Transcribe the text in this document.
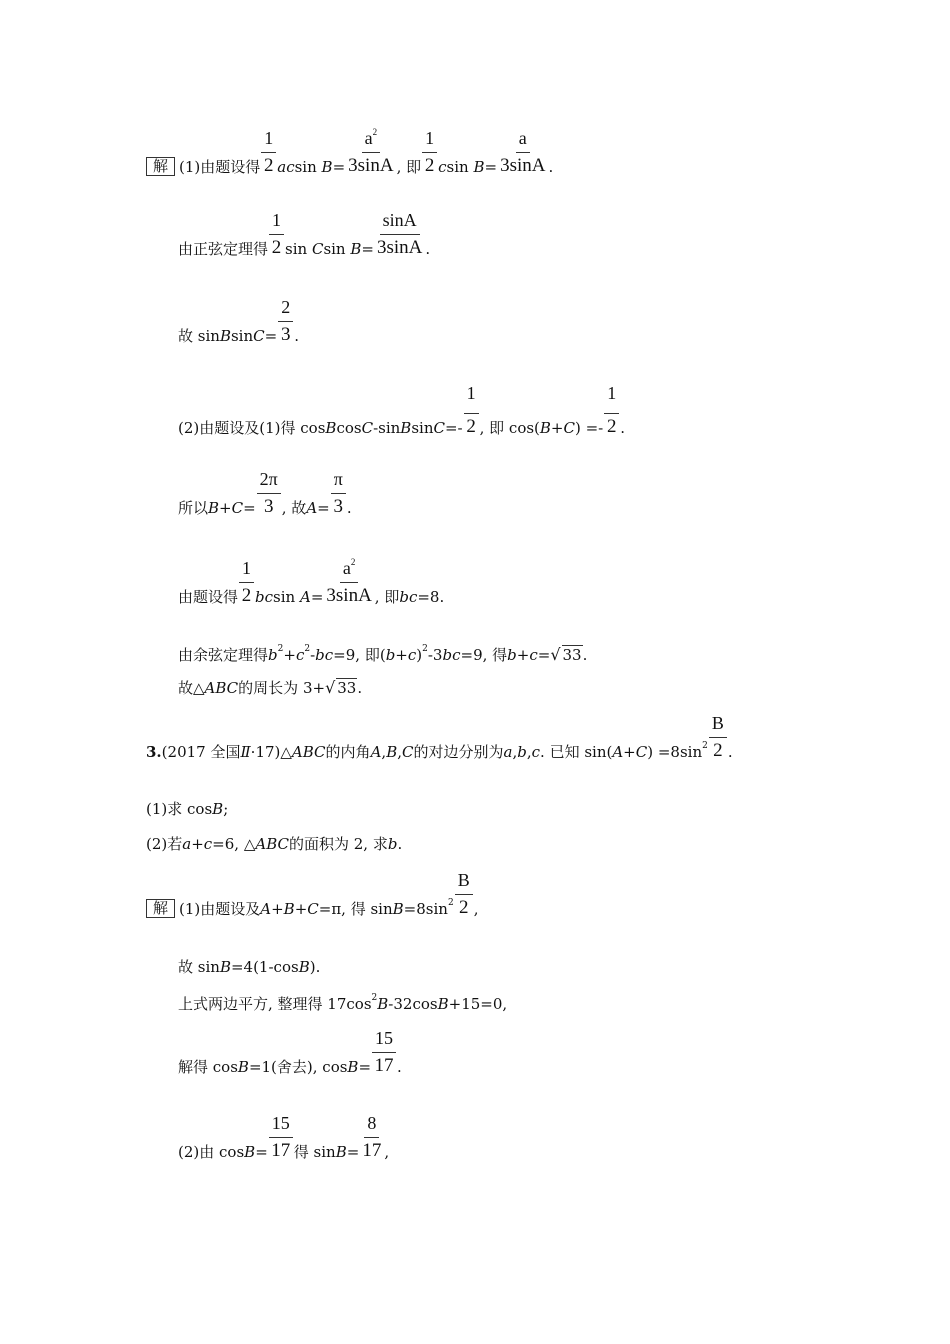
解 (1)由题设得 $\frac{1}{2}$ ac sin
$B = \frac{a^2}{3\sin A}$ , 即 $\frac{1}{2}$ c sin
$B = \frac{a}{3\sin A}$ .
由正弦定理得 $\frac{1}{2}$ sin
C sin
$B = \frac{\sin A}{3\sin A}$ .
故 sin B $\sin C = \frac{2}{3}$ .
(2)由题设及(1)得 cos B cos C -sin B $\sin C =- \frac{1}{2}$ , 即 cos( B+C ) =- $\frac{1}{2}$ .
所以 $B+C = \frac{2\pi}{3}$ , 故 $A = \frac{\pi}{3}$ .
由题设得 $\frac{1}{2}$ bc sin
$A = \frac{a^2}{3\sin A}$ , 即 bc =8.
由余弦定理得 $b^2 + c^2$ - bc =9, 即( b+c )$^2$ -3 bc =9, 得 b+c = √ 33 .
故△ ABC 的周长为 3 + √ 33 .
3. (2017 全国 Ⅱ ·17)△ ABC 的内角 A , B , C 的对边分别为 a , b , c . 已知 sin( A+C ) $=8\sin^2 \frac{B}{2}$ .
(1)求 cos B ;
(2)若 a+c =6, △ ABC 的面积为 2, 求 b .
解 (1)由题设及 A+B+C =π, 得 $\sin B =8\sin^2 \frac{B}{2}$ ,
故 sin B =4(1-cos B ).
上式两边平方, 整理得 $17\cos^2$ B -32cos B +15=0,
解得 cos B =1(舍去), $\cos B = \frac{15}{17}$ .
(2)由 $\cos B = \frac{15}{17}$ 得 $\sin B = \frac{8}{17}$ ,
